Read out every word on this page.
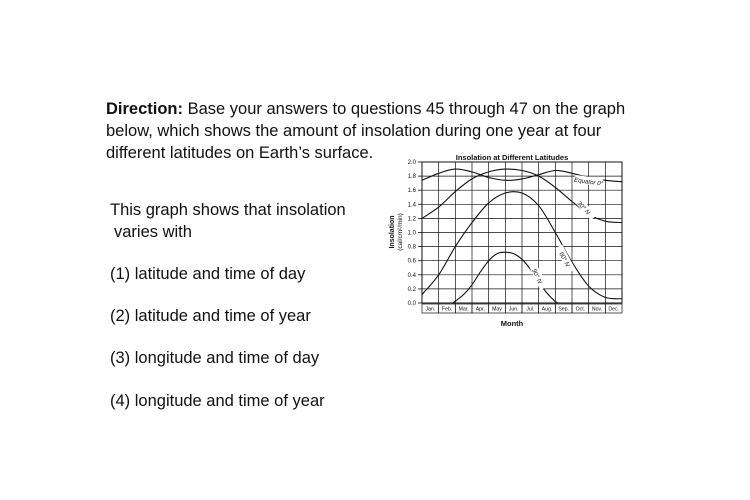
Direction: Base your answers to questions 45 through 47 on the graph
below, which shows the amount of insolation during one year at four
different latitudes on Earth’s surface.

This graph shows that insolation
varies with

(1) latitude and time of day

(2) latitude and time of year

(3) longitude and time of day

(4) longitude and time of year

Insolation at Different Latitudes
Month
Insolation (cal/cm²/min)
0.0
0.2
0.4
0.6
0.8
1.0
1.2
1.4
1.6
1.8
2.0
Jan. Feb. Mar. Apr. May Jun. Jul. Aug. Sep. Oct. Nov. Dec.
Equator 0°
30° N
60° N
90° N
